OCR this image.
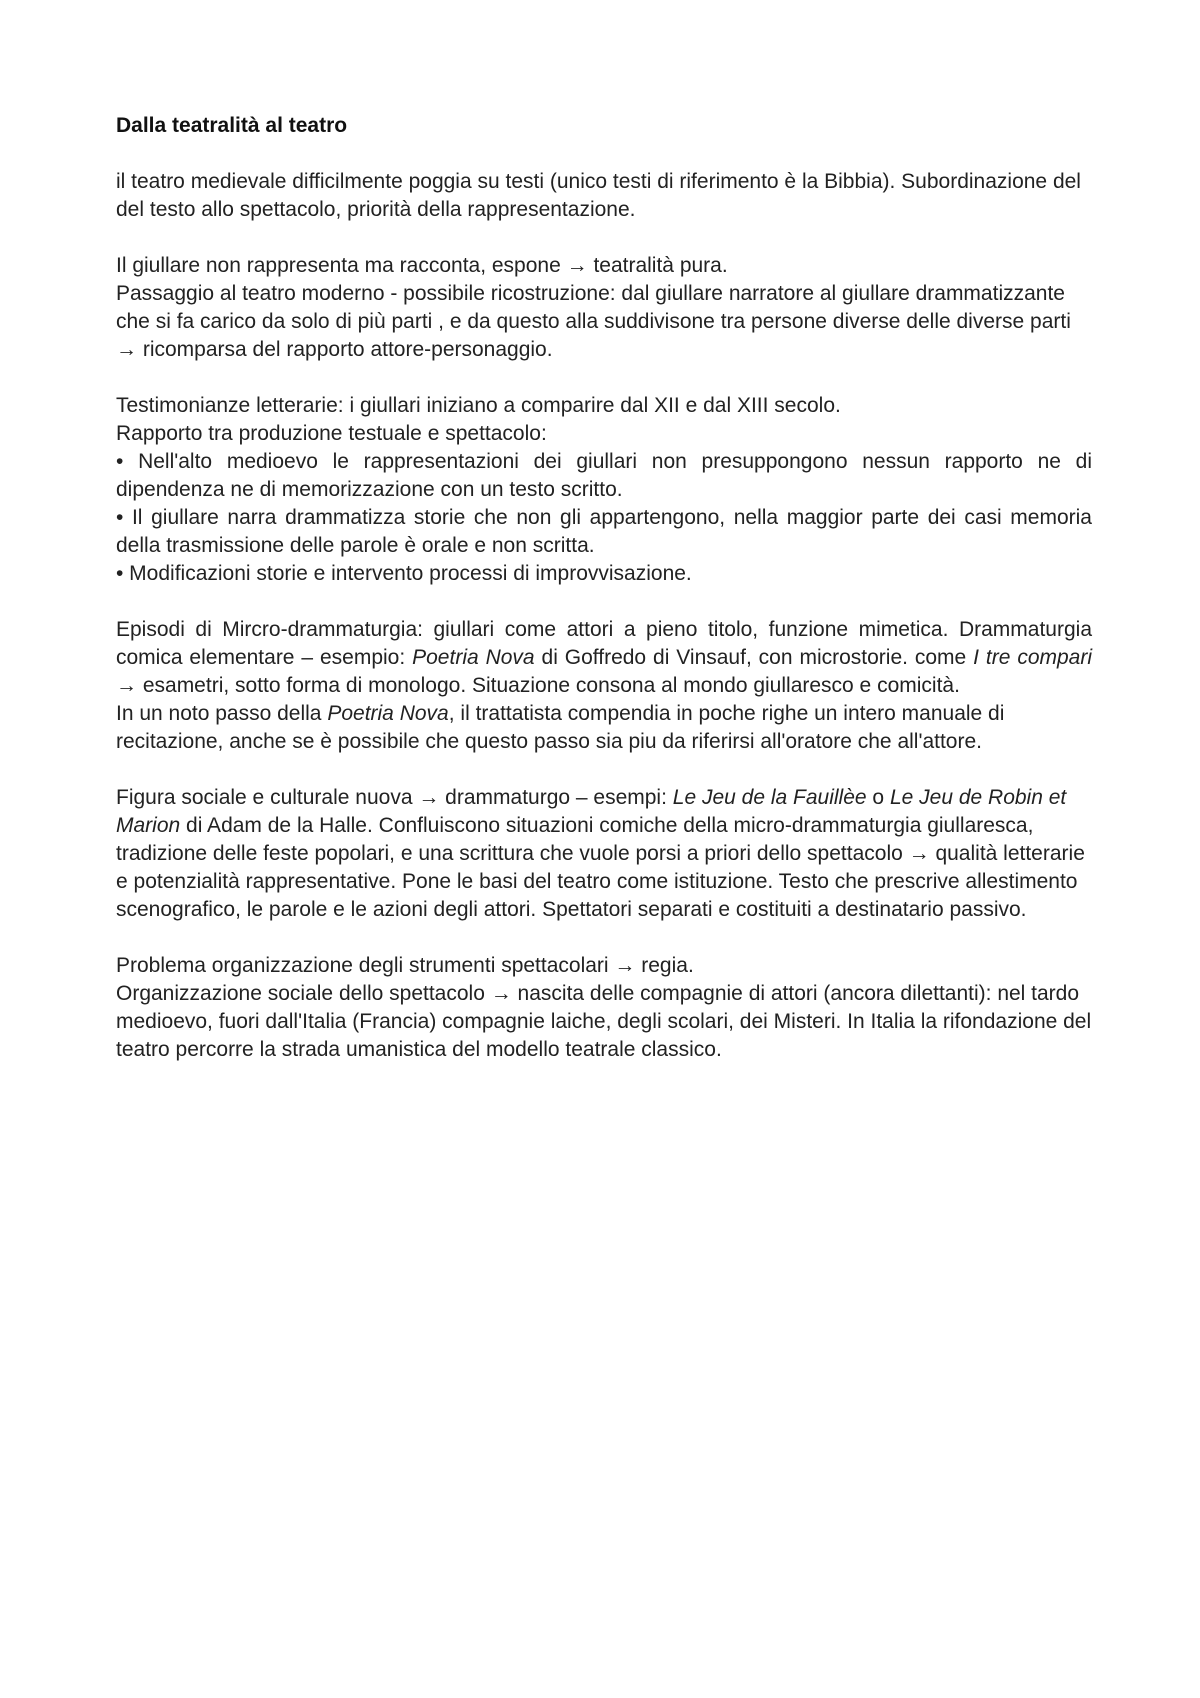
Dalla teatralità al teatro
il teatro medievale difficilmente poggia su testi (unico testi di riferimento è la Bibbia). Subordinazione del del testo allo spettacolo, priorità della rappresentazione.
Il giullare non rappresenta ma racconta, espone → teatralità pura.
Passaggio al teatro moderno - possibile ricostruzione: dal giullare narratore al giullare drammatizzante che si fa carico da solo di più parti , e da questo alla suddivisone tra persone diverse delle diverse parti → ricomparsa del rapporto attore-personaggio.
Testimonianze letterarie: i giullari iniziano a comparire dal XII e dal XIII secolo.
Rapporto tra produzione testuale e spettacolo:
• Nell'alto medioevo le rappresentazioni dei giullari non presuppongono nessun rapporto ne di dipendenza ne di memorizzazione con un testo scritto.
• Il giullare narra drammatizza storie che non gli appartengono, nella maggior parte dei casi memoria della trasmissione delle parole è orale e non scritta.
• Modificazioni storie e intervento processi di improvvisazione.
Episodi di Mircro-drammaturgia: giullari come attori a pieno titolo, funzione mimetica. Drammaturgia comica elementare – esempio: Poetria Nova di Goffredo di Vinsauf, con microstorie. come I tre compari → esametri, sotto forma di monologo. Situazione consona al mondo giullaresco e comicità.
In un noto passo della Poetria Nova, il trattatista compendia in poche righe un intero manuale di recitazione, anche se è possibile che questo passo sia piu da riferirsi all'oratore che all'attore.
Figura sociale e culturale nuova → drammaturgo – esempi: Le Jeu de la Fauillèe o Le Jeu de Robin et Marion di Adam de la Halle. Confluiscono situazioni comiche della micro-drammaturgia giullaresca, tradizione delle feste popolari, e una scrittura che vuole porsi a priori dello spettacolo → qualità letterarie e potenzialità rappresentative. Pone le basi del teatro come istituzione. Testo che prescrive allestimento scenografico, le parole e le azioni degli attori. Spettatori separati e costituiti a destinatario passivo.
Problema organizzazione degli strumenti spettacolari → regia.
Organizzazione sociale dello spettacolo → nascita delle compagnie di attori (ancora dilettanti): nel tardo medioevo, fuori dall'Italia (Francia) compagnie laiche, degli scolari, dei Misteri. In Italia la rifondazione del teatro percorre la strada umanistica del modello teatrale classico.
